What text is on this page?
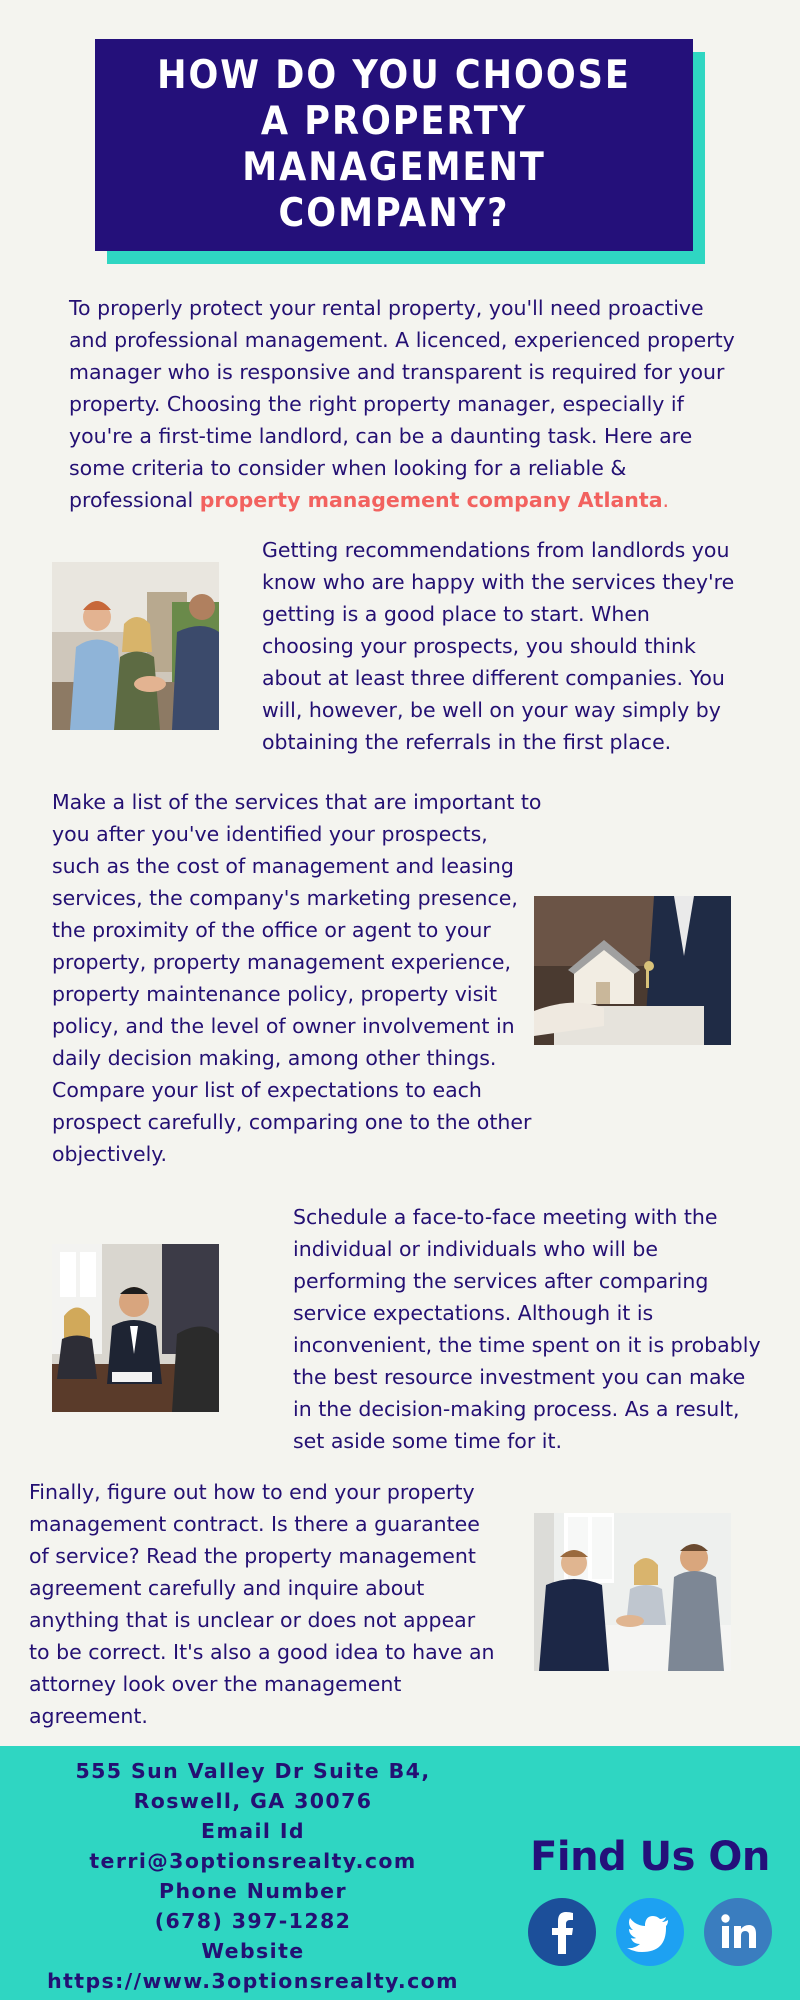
HOW DO YOU CHOOSE A PROPERTY MANAGEMENT COMPANY?

To properly protect your rental property, you'll need proactive and professional management. A licenced, experienced property manager who is responsive and transparent is required for your property. Choosing the right property manager, especially if you're a first-time landlord, can be a daunting task. Here are some criteria to consider when looking for a reliable & professional property management company Atlanta.

Getting recommendations from landlords you know who are happy with the services they're getting is a good place to start. When choosing your prospects, you should think about at least three different companies. You will, however, be well on your way simply by obtaining the referrals in the first place.

Make a list of the services that are important to you after you've identified your prospects, such as the cost of management and leasing services, the company's marketing presence, the proximity of the office or agent to your property, property management experience, property maintenance policy, property visit policy, and the level of owner involvement in daily decision making, among other things. Compare your list of expectations to each prospect carefully, comparing one to the other objectively.

Schedule a face-to-face meeting with the individual or individuals who will be performing the services after comparing service expectations. Although it is inconvenient, the time spent on it is probably the best resource investment you can make in the decision-making process. As a result, set aside some time for it.

Finally, figure out how to end your property management contract. Is there a guarantee of service? Read the property management agreement carefully and inquire about anything that is unclear or does not appear to be correct. It's also a good idea to have an attorney look over the management agreement.

555 Sun Valley Dr Suite B4, Roswell, GA 30076
Email Id
terri@3optionsrealty.com
Phone Number
(678) 397-1282
Website
https://www.3optionsrealty.com
Find Us On
